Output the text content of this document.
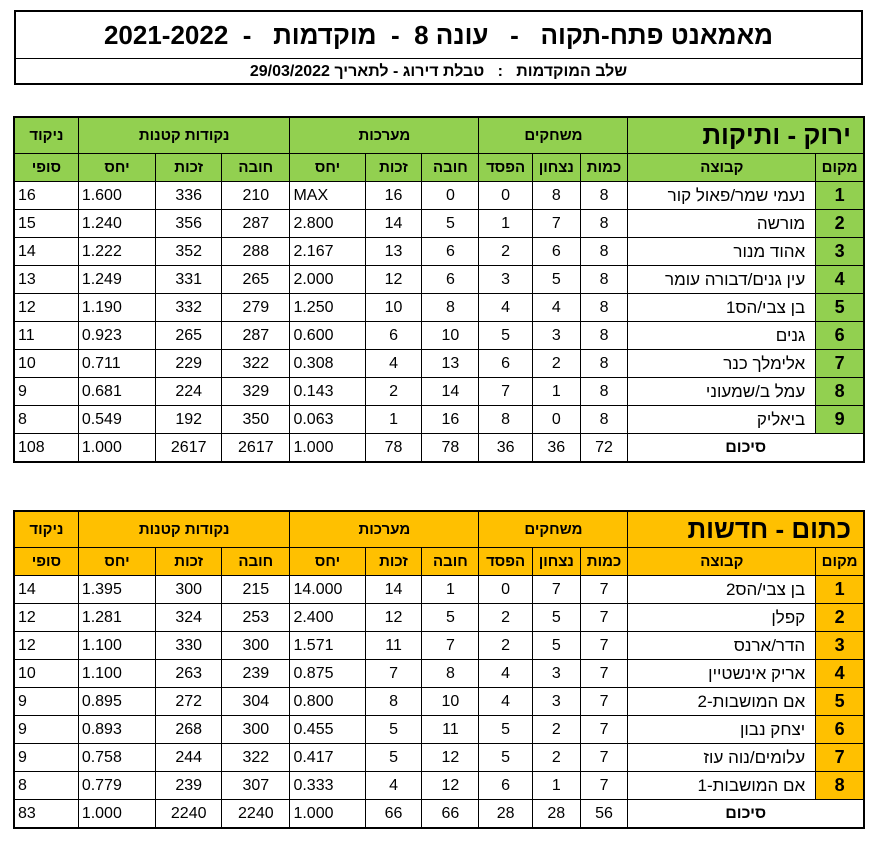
מאמאנט פתח-תקוה   -   עונה 8  -  מוקדמות   -  2021-2022
שלב המוקדמות   :   טבלת דירוג - לתאריך 29/03/2022
ירוק - ותיקות		משחקים			מערכות			נקודות קטנות			ניקוד
מקום	קבוצה	כמות	נצחון	הפסד	חובה	זכות	יחס	חובה	זכות	יחס	סופי
1	נעמי שמר/פאול קור	8	8	0	0	16	MAX	210	336	1.600	16
2	מורשה	8	7	1	5	14	2.800	287	356	1.240	15
3	אהוד מנור	8	6	2	6	13	2.167	288	352	1.222	14
4	עין גנים/דבורה עומר	8	5	3	6	12	2.000	265	331	1.249	13
5	בן צבי/הס1	8	4	4	8	10	1.250	279	332	1.190	12
6	גנים	8	3	5	10	6	0.600	287	265	0.923	11
7	אלימלך כנר	8	2	6	13	4	0.308	322	229	0.711	10
8	עמל ב/שמעוני	8	1	7	14	2	0.143	329	224	0.681	9
9	ביאליק	8	0	8	16	1	0.063	350	192	0.549	8
סיכום		72	36	36	78	78	1.000	2617	2617	1.000	108
כתום - חדשות		משחקים			מערכות			נקודות קטנות			ניקוד
מקום	קבוצה	כמות	נצחון	הפסד	חובה	זכות	יחס	חובה	זכות	יחס	סופי
1	בן צבי/הס2	7	7	0	1	14	14.000	215	300	1.395	14
2	קפלן	7	5	2	5	12	2.400	253	324	1.281	12
3	הדר/ארנס	7	5	2	7	11	1.571	300	330	1.100	12
4	אריק אינשטיין	7	3	4	8	7	0.875	239	263	1.100	10
5	אם המושבות-2	7	3	4	10	8	0.800	304	272	0.895	9
6	יצחק נבון	7	2	5	11	5	0.455	300	268	0.893	9
7	עלומים/נוה עוז	7	2	5	12	5	0.417	322	244	0.758	9
8	אם המושבות-1	7	1	6	12	4	0.333	307	239	0.779	8
סיכום		56	28	28	66	66	1.000	2240	2240	1.000	83
